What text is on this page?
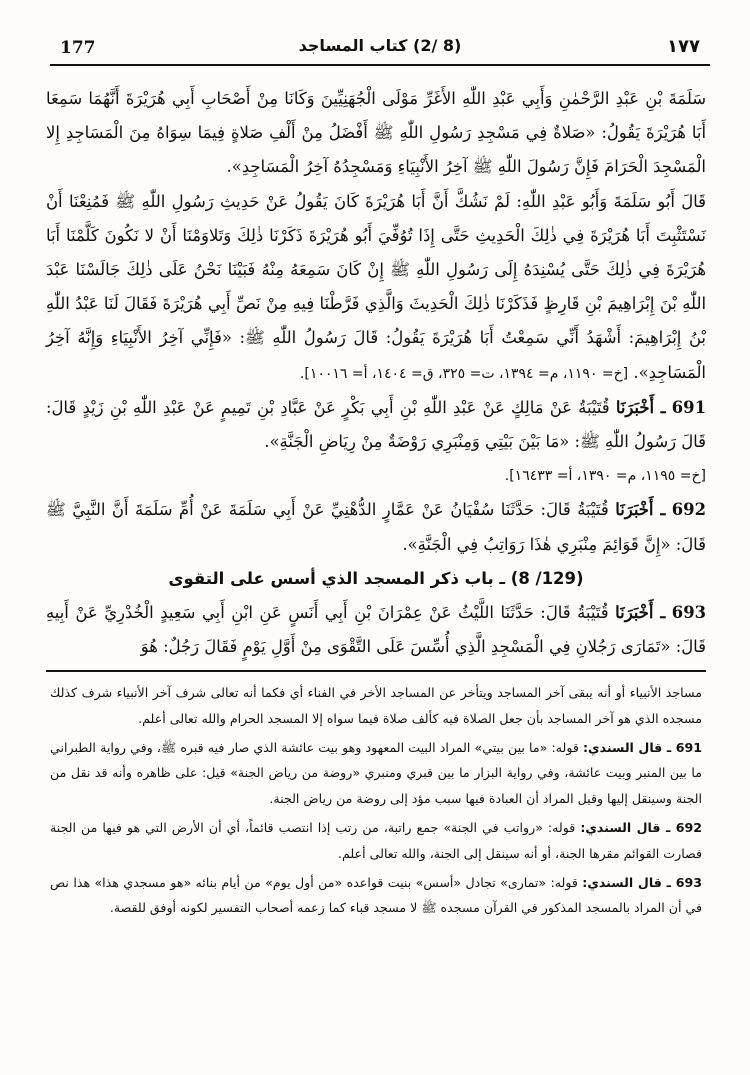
177	(8 /2) كتاب المساجد	١٧٧

سَلَمَةَ بْنِ عَبْدِ الرَّحْمٰنِ وَأَبِي عَبْدِ اللّٰهِ الأَغَرِّ مَوْلَى الْجُهَنِيِّينَ وَكَانَا مِنْ أَصْحَابِ أَبِي هُرَيْرَةَ أَنَّهُمَا سَمِعَا أَبَا هُرَيْرَةَ يَقُولُ: «صَلاةٌ فِي مَسْجِدِ رَسُولِ اللّٰهِ ﷺ أَفْضَلُ مِنْ أَلْفِ صَلاةٍ فِيمَا سِوَاهُ مِنَ الْمَسَاجِدِ إِلا الْمَسْجِدَ الْحَرَامَ فَإِنَّ رَسُولَ اللّٰهِ ﷺ آخِرُ الأَنْبِيَاءِ وَمَسْجِدُهُ آخِرُ الْمَسَاجِدِ».

قَالَ أَبُو سَلَمَةَ وَأَبُو عَبْدِ اللّٰهِ: لَمْ نَشُكَّ أَنَّ أَبَا هُرَيْرَةَ كَانَ يَقُولُ عَنْ حَدِيثِ رَسُولِ اللّٰهِ ﷺ فَمُنِعْنَا أَنْ نَسْتَثْبِتَ أَبَا هُرَيْرَةَ فِي ذٰلِكَ الْحَدِيثِ حَتَّى إِذَا تُوُفِّيَ أَبُو هُرَيْرَةَ ذَكَرْنَا ذٰلِكَ وَتَلاوَمْنَا أَنْ لا نَكُونَ كَلَّمْنَا أَبَا هُرَيْرَةَ فِي ذٰلِكَ حَتَّى يُسْنِدَهُ إِلَى رَسُولِ اللّٰهِ ﷺ إِنْ كَانَ سَمِعَهُ مِنْهُ فَبَيْنَا نَحْنُ عَلَى ذٰلِكَ جَالَسْنَا عَبْدَ اللّٰهِ بْنَ إِبْرَاهِيمَ بْنِ قَارِظٍ فَذَكَرْنَا ذٰلِكَ الْحَدِيثَ وَالَّذِي فَرَّطْنَا فِيهِ مِنْ نَصِّ أَبِي هُرَيْرَةَ فَقَالَ لَنَا عَبْدُ اللّٰهِ بْنُ إِبْرَاهِيمَ: أَشْهَدُ أَنِّي سَمِعْتُ أَبَا هُرَيْرَةَ يَقُولُ: قَالَ رَسُولُ اللّٰهِ ﷺ: «فَإِنِّي آخِرُ الأَنْبِيَاءِ وَإِنَّهُ آخِرُ الْمَسَاجِدِ». [خ= ١١٩٠، م= ١٣٩٤، ت= ٣٢٥، ق= ١٤٠٤، أ= ١٠٠١٦].

691 ـ أَخْبَرَنَا قُتَيْبَةُ عَنْ مَالِكٍ عَنْ عَبْدِ اللّٰهِ بْنِ أَبِي بَكْرٍ عَنْ عَبَّادِ بْنِ تَمِيمٍ عَنْ عَبْدِ اللّٰهِ بْنِ زَيْدٍ قَالَ: قَالَ رَسُولُ اللّٰهِ ﷺ: «مَا بَيْنَ بَيْتِي وَمِنْبَرِي رَوْضَةٌ مِنْ رِيَاضِ الْجَنَّةِ».

[خ= ١١٩٥، م= ١٣٩٠، أ= ١٦٤٣٣].

692 ـ أَخْبَرَنَا قُتَيْبَةُ قَالَ: حَدَّثَنَا سُفْيَانُ عَنْ عَمَّارٍ الدُّهْنِيِّ عَنْ أَبِي سَلَمَةَ عَنْ أُمِّ سَلَمَةَ أَنَّ النَّبِيَّ ﷺ قَالَ: «إِنَّ قَوَائِمَ مِنْبَرِي هٰذَا رَوَاتِبُ فِي الْجَنَّةِ».

(129/ 8) ـ باب ذكر المسجد الذي أسس على التقوى

693 ـ أَخْبَرَنَا قُتَيْبَةُ قَالَ: حَدَّثَنَا اللَّيْثُ عَنْ عِمْرَانَ بْنِ أَبِي أَنَسٍ عَنِ ابْنِ أَبِي سَعِيدٍ الْخُدْرِيِّ عَنْ أَبِيهِ قَالَ: «تَمَارَى رَجُلانِ فِي الْمَسْجِدِ الَّذِي أُسِّسَ عَلَى التَّقْوَى مِنْ أَوَّلِ يَوْمٍ فَقَالَ رَجُلٌ: هُوَ

مساجد الأنبياء أو أنه يبقى آخر المساجد ويتأخر عن المساجد الأخر في الفناء أي فكما أنه تعالى شرف آخر الأنبياء شرف كذلك مسجده الذي هو آخر المساجد بأن جعل الصلاة فيه كألف صلاة فيما سواه إلا المسجد الحرام والله تعالى أعلم.

691 ـ قال السندي: قوله: «ما بين بيتي» المراد البيت المعهود وهو بيت عائشة الذي صار فيه قبره ﷺ، وفي رواية الطبراني ما بين المنبر وبيت عائشة، وفي رواية البزار ما بين قبري ومنبري «روضة من رياض الجنة» قيل: على ظاهره وأنه قد نقل من الجنة وسينقل إليها وقيل المراد أن العبادة فيها سبب مؤد إلى روضة من رياض الجنة.

692 ـ قال السندي: قوله: «رواتب في الجنة» جمع راتبة، من رتب إذا انتصب قائماً، أي أن الأرض التي هو فيها من الجنة فصارت القوائم مقرها الجنة، أو أنه سينقل إلى الجنة، والله تعالى أعلم.

693 ـ قال السندي: قوله: «تمارى» تجادل «أسس» بنيت قواعده «من أول يوم» من أيام بنائه «هو مسجدي هذا» هذا نص في أن المراد بالمسجد المذكور في القرآن مسجده ﷺ لا مسجد قباء كما زعمه أصحاب التفسير لكونه أوفق للقصة.
